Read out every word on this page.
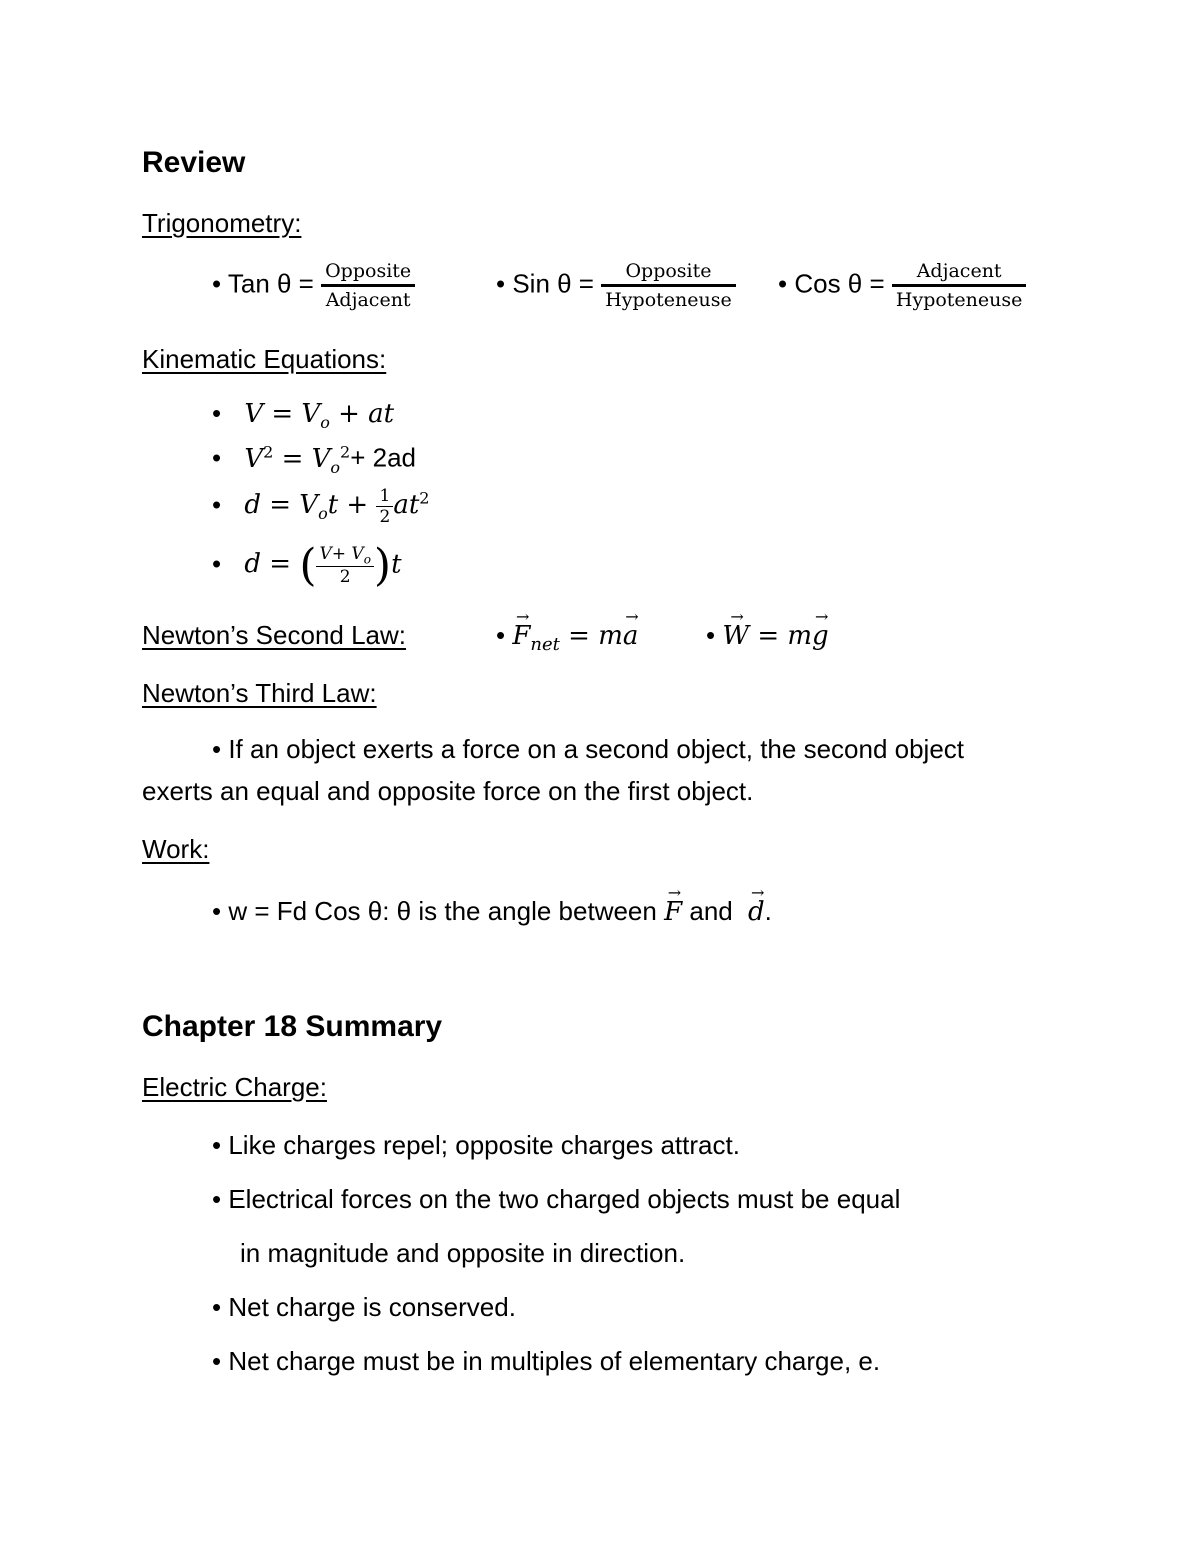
Review
Trigonometry:
• Tan $\theta = \frac{\text{Opposite}}{\text{Adjacent}}$	• Sin $\theta = \frac{\text{Opposite}}{\text{Hypoteneuse}}$ • Cos $\theta = \frac{\text{Adjacent}}{\text{Hypoteneuse}}$
Kinematic Equations:
• $V = V_o$ + at
• $V^2 = V_o^2+ 2ad$
• $d = V_ot + \frac{1}{2} at^2$
• d = ( $\frac{V+ V_o}{2} )t$
Newton’s Second Law:	• → $F_{net} = m\to a$	• → W = m→ g
Newton’s Third Law:
• If an object exerts a force on a second object, the second object
exerts an equal and opposite force on the first object.
Work:
• w = Fd Cos θ: θ is the angle between → F and → d.
Chapter 18 Summary
Electric Charge:
• Like charges repel; opposite charges attract.
• Electrical forces on the two charged objects must be equal
in magnitude and opposite in direction.
• Net charge is conserved.
• Net charge must be in multiples of elementary charge, e.
